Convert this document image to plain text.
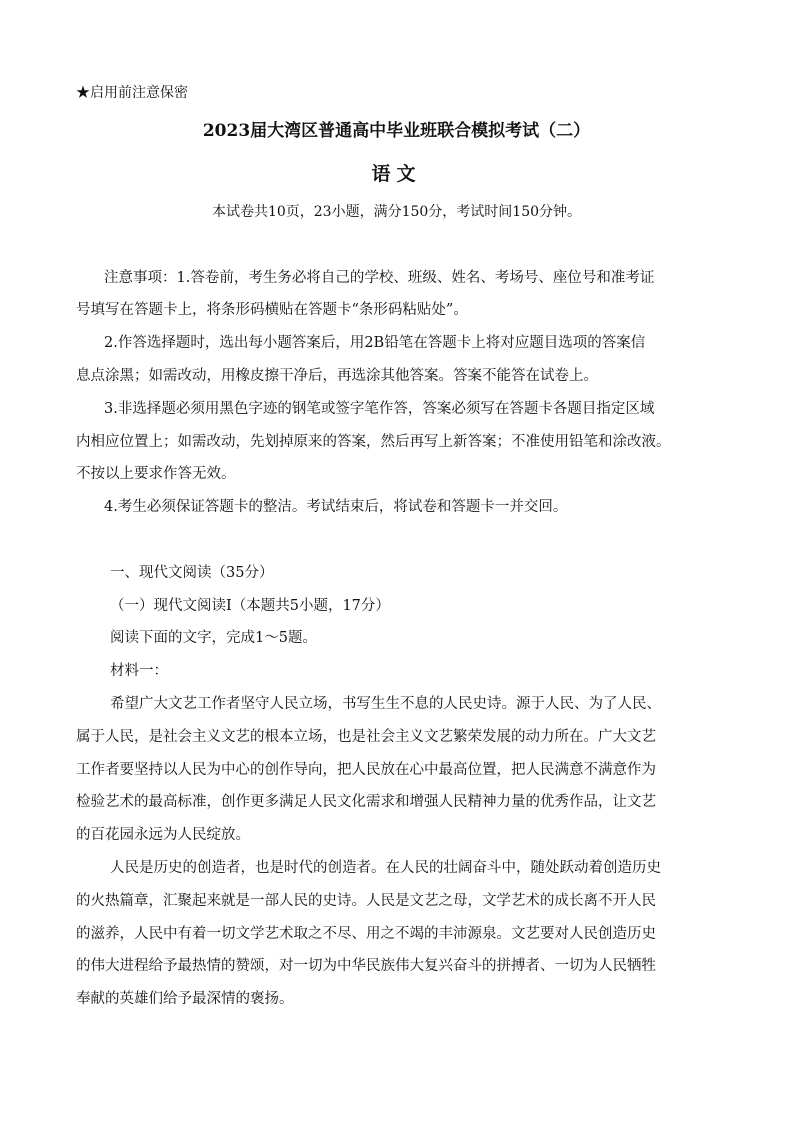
★启用前注意保密
2023届大湾区普通高中毕业班联合模拟考试（二）
语文
本试卷共10页，23小题，满分150分，考试时间150分钟。
注意事项：1.答卷前，考生务必将自己的学校、班级、姓名、考场号、座位号和准考证
号填写在答题卡上，将条形码横贴在答题卡“条形码粘贴处”。
2.作答选择题时，选出每小题答案后，用2B铅笔在答题卡上将对应题目选项的答案信
息点涂黑；如需改动，用橡皮擦干净后，再选涂其他答案。答案不能答在试卷上。
3.非选择题必须用黑色字迹的钢笔或签字笔作答，答案必须写在答题卡各题目指定区域
内相应位置上；如需改动，先划掉原来的答案，然后再写上新答案；不准使用铅笔和涂改液。
不按以上要求作答无效。
4.考生必须保证答题卡的整洁。考试结束后，将试卷和答题卡一并交回。
一、现代文阅读（35分）
（一）现代文阅读Ⅰ（本题共5小题，17分）
阅读下面的文字，完成1～5题。
材料一：
希望广大文艺工作者坚守人民立场，书写生生不息的人民史诗。源于人民、为了人民、
属于人民，是社会主义文艺的根本立场，也是社会主义文艺繁荣发展的动力所在。广大文艺
工作者要坚持以人民为中心的创作导向，把人民放在心中最高位置，把人民满意不满意作为
检验艺术的最高标准，创作更多满足人民文化需求和增强人民精神力量的优秀作品，让文艺
的百花园永远为人民绽放。
人民是历史的创造者，也是时代的创造者。在人民的壮阔奋斗中，随处跃动着创造历史
的火热篇章，汇聚起来就是一部人民的史诗。人民是文艺之母，文学艺术的成长离不开人民
的滋养，人民中有着一切文学艺术取之不尽、用之不竭的丰沛源泉。文艺要对人民创造历史
的伟大进程给予最热情的赞颂，对一切为中华民族伟大复兴奋斗的拼搏者、一切为人民牺牲
奉献的英雄们给予最深情的褒扬。
